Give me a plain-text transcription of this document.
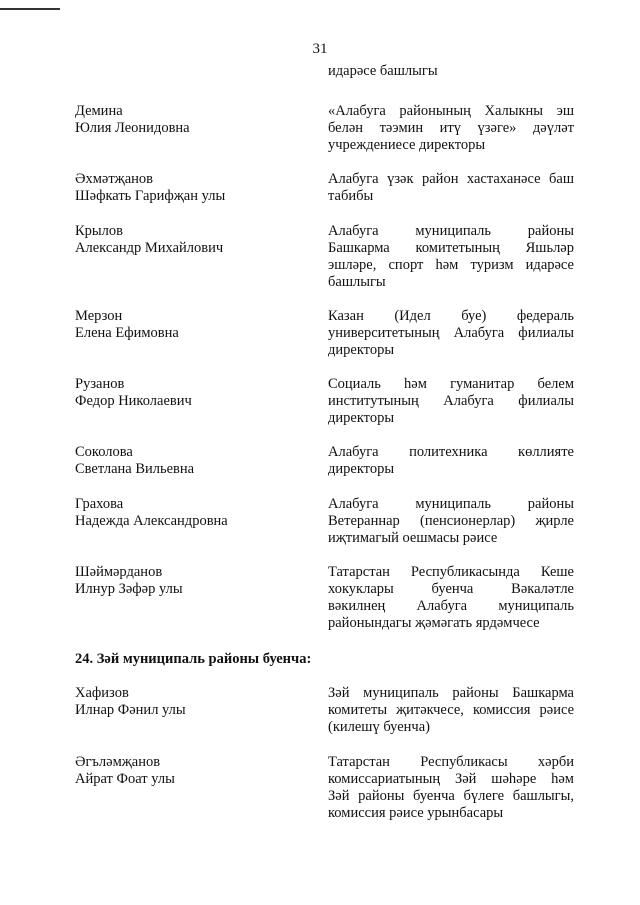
31
идарәсе башлыгы
Демина
Юлия Леонидовна
«Алабуга районының Халыкны эш
белән тәэмин итү үзәге» дәүләт
учреждениесе директоры
Әхмәтҗанов
Шәфкать Гарифҗан улы
Алабуга үзәк район хастаханәсе баш
табибы
Крылов
Александр Михайлович
Алабуга муниципаль районы
Башкарма комитетының Яшьләр
эшләре, спорт һәм туризм идарәсе
башлыгы
Мерзон
Елена Ефимовна
Казан (Идел буе) федераль
университетының Алабуга филиалы
директоры
Рузанов
Федор Николаевич
Социаль һәм гуманитар белем
институтының Алабуга филиалы
директоры
Соколова
Светлана Вильевна
Алабуга политехника көллияте
директоры
Грахова
Надежда Александровна
Алабуга муниципаль районы
Ветераннар (пенсионерлар) җирле
иҗтимагый оешмасы рәисе
Шәймәрданов
Илнур Зәфәр улы
Татарстан Республикасында Кеше
хокуклары буенча Вәкаләтле
вәкилнең Алабуга муниципаль
районындагы җәмәгать ярдәмчесе
24. Зәй муниципаль районы буенча:
Хафизов
Илнар Фәнил улы
Зәй муниципаль районы Башкарма
комитеты җитәкчесе, комиссия рәисе
(килешү буенча)
Әгъләмҗанов
Айрат Фоат улы
Татарстан Республикасы хәрби
комиссариатының Зәй шәһәре һәм
Зәй районы буенча бүлеге башлыгы,
комиссия рәисе урынбасары
